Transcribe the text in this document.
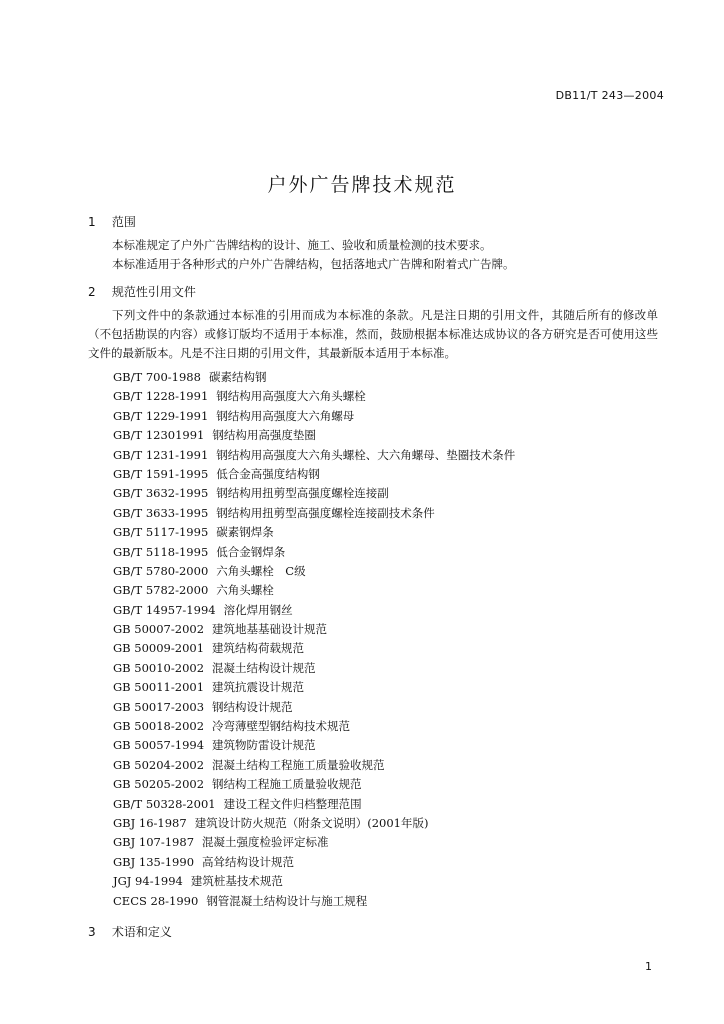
DB11/T 243—2004
户外广告牌技术规范
1 范围
本标准规定了户外广告牌结构的设计、施工、验收和质量检测的技术要求。
本标准适用于各种形式的户外广告牌结构，包括落地式广告牌和附着式广告牌。
2 规范性引用文件
下列文件中的条款通过本标准的引用而成为本标准的条款。凡是注日期的引用文件，其随后所有的修改单（不包括勘误的内容）或修订版均不适用于本标准，然而，鼓励根据本标准达成协议的各方研究是否可使用这些文件的最新版本。凡是不注日期的引用文件，其最新版本适用于本标准。
GB/T 700-1988 碳素结构钢
GB/T 1228-1991 钢结构用高强度大六角头螺栓
GB/T 1229-1991 钢结构用高强度大六角螺母
GB/T 12301991 钢结构用高强度垫圈
GB/T 1231-1991 钢结构用高强度大六角头螺栓、大六角螺母、垫圈技术条件
GB/T 1591-1995 低合金高强度结构钢
GB/T 3632-1995 钢结构用扭剪型高强度螺栓连接副
GB/T 3633-1995 钢结构用扭剪型高强度螺栓连接副技术条件
GB/T 5117-1995 碳素钢焊条
GB/T 5118-1995 低合金钢焊条
GB/T 5780-2000 六角头螺栓　C级
GB/T 5782-2000 六角头螺栓
GB/T 14957-1994 溶化焊用钢丝
GB 50007-2002 建筑地基基础设计规范
GB 50009-2001 建筑结构荷载规范
GB 50010-2002 混凝土结构设计规范
GB 50011-2001 建筑抗震设计规范
GB 50017-2003 钢结构设计规范
GB 50018-2002 冷弯薄壁型钢结构技术规范
GB 50057-1994 建筑物防雷设计规范
GB 50204-2002 混凝土结构工程施工质量验收规范
GB 50205-2002 钢结构工程施工质量验收规范
GB/T 50328-2001 建设工程文件归档整理范围
GBJ 16-1987 建筑设计防火规范（附条文说明）(2001年版)
GBJ 107-1987 混凝土强度检验评定标准
GBJ 135-1990 高耸结构设计规范
JGJ 94-1994 建筑桩基技术规范
CECS 28-1990 钢管混凝土结构设计与施工规程
3 术语和定义
1
